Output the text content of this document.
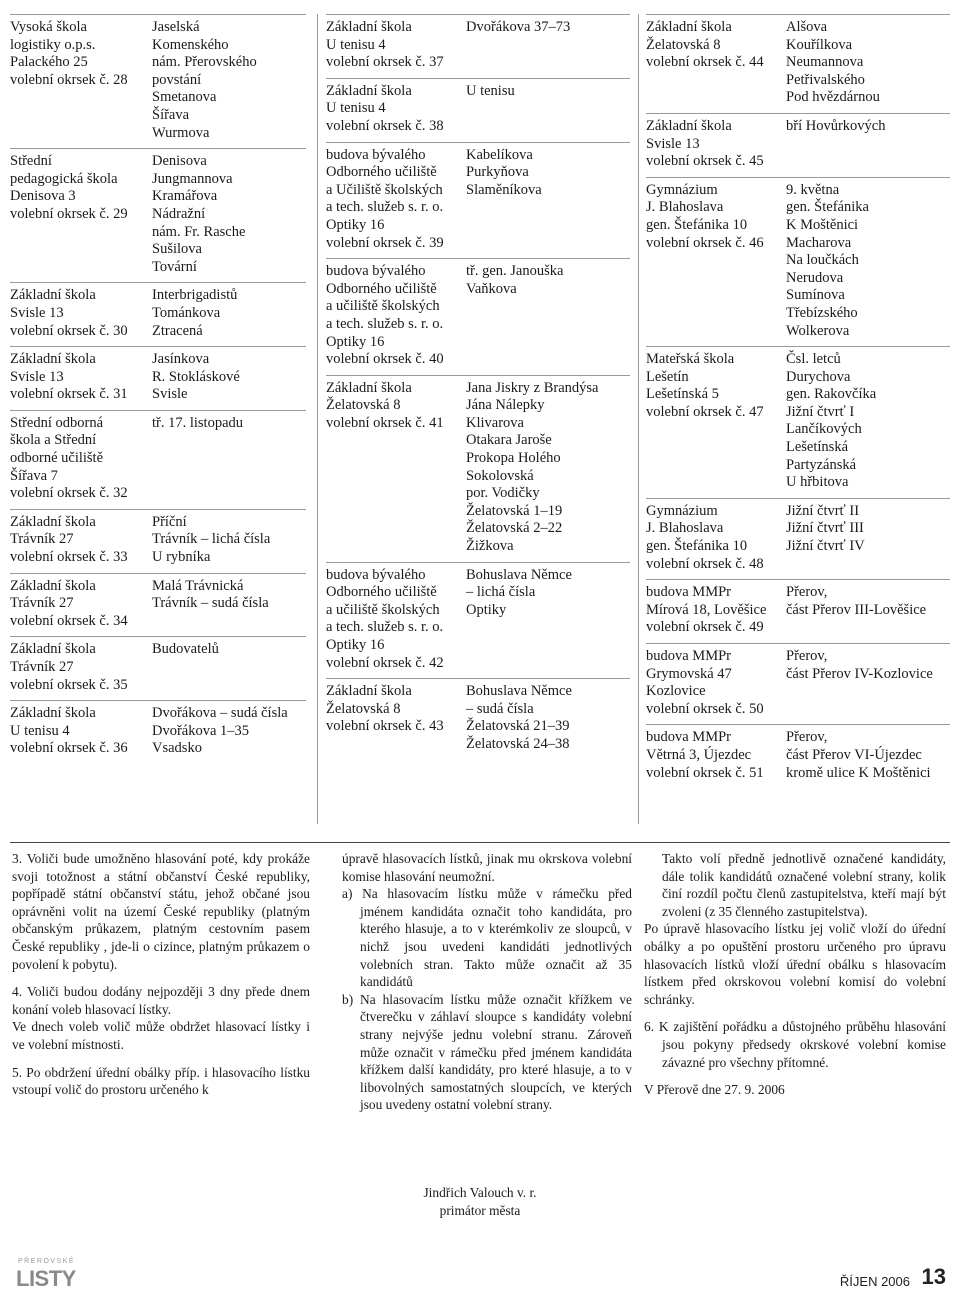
Vysoká škola
logistiky o.p.s.
Palackého 25
volební okrsek č. 28
Jaselská
Komenského
nám. Přerovského
povstání
Smetanova
Šířava
Wurmova
Střední
pedagogická škola
Denisova 3
volební okrsek č. 29
Denisova
Jungmannova
Kramářova
Nádražní
nám. Fr. Rasche
Sušilova
Tovární
Základní škola
Svisle 13
volební okrsek č. 30
Interbrigadistů
Tománkova
Ztracená
Základní škola
Svisle 13
volební okrsek č. 31
Jasínkova
R. Stokláskové
Svisle
Střední odborná
škola a Střední
odborné učiliště
Šířava 7
volební okrsek č. 32
tř. 17. listopadu
Základní škola
Trávník 27
volební okrsek č. 33
Příční
Trávník – lichá čísla
U rybníka
Základní škola
Trávník 27
volební okrsek č. 34
Malá Trávnická
Trávník – sudá čísla
Základní škola
Trávník 27
volební okrsek č. 35
Budovatelů
Základní škola
U tenisu 4
volební okrsek č. 36
Dvořákova – sudá čísla
Dvořákova 1–35
Vsadsko
Základní škola
U tenisu 4
volební okrsek č. 37
Dvořákova 37–73
Základní škola
U tenisu 4
volební okrsek č. 38
U tenisu
budova bývalého
Odborného učiliště
a Učiliště školských
a tech. služeb s. r. o.
Optiky 16
volební okrsek č. 39
Kabelíkova
Purkyňova
Slaměníkova
budova bývalého
Odborného učiliště
a učiliště školských
a tech. služeb s. r. o.
Optiky 16
volební okrsek č. 40
tř. gen. Janouška
Vaňkova
Základní škola
Želatovská 8
volební okrsek č. 41
Jana Jiskry z Brandýsa
Jána Nálepky
Klivarova
Otakara Jaroše
Prokopa Holého
Sokolovská
por. Vodičky
Želatovská 1–19
Želatovská 2–22
Žižkova
budova bývalého
Odborného učiliště
a učiliště školských
a tech. služeb s. r. o.
Optiky 16
volební okrsek č. 42
Bohuslava Němce
– lichá čísla
Optiky
Základní škola
Želatovská 8
volební okrsek č. 43
Bohuslava Němce
– sudá čísla
Želatovská 21–39
Želatovská 24–38
Základní škola
Želatovská 8
volební okrsek č. 44
Alšova
Kouřílkova
Neumannova
Petřivalského
Pod hvězdárnou
Základní škola
Svisle 13
volební okrsek č. 45
bří Hovůrkových
Gymnázium
J. Blahoslava
gen. Štefánika 10
volební okrsek č. 46
9. května
gen. Štefánika
K Moštěnici
Macharova
Na loučkách
Nerudova
Sumínova
Třebízského
Wolkerova
Mateřská škola
Lešetín
Lešetínská 5
volební okrsek č. 47
Čsl. letců
Durychova
gen. Rakovčíka
Jižní čtvrť I
Lančíkových
Lešetínská
Partyzánská
U hřbitova
Gymnázium
J. Blahoslava
gen. Štefánika 10
volební okrsek č. 48
Jižní čtvrť II
Jižní čtvrť III
Jižní čtvrť IV
budova MMPr
Mírová 18, Lověšice
volební okrsek č. 49
Přerov,
část Přerov III-Lověšice
budova MMPr
Grymovská 47
Kozlovice
volební okrsek č. 50
Přerov,
část Přerov IV-Kozlovice
budova MMPr
Větrná 3, Újezdec
volební okrsek č. 51
Přerov,
část Přerov VI-Újezdec
kromě ulice K Moštěnici

3. Voliči bude umožněno hlasování poté, kdy prokáže svoji totožnost a státní občanství České republiky, popřípadě státní občanství státu, jehož občané jsou oprávněni volit na území České republiky (platným občanským průkazem, platným cestovním pasem České republiky , jde-li o cizince, platným průkazem o povolení k pobytu).

4. Voliči budou dodány nejpozději 3 dny přede dnem konání voleb hlasovací lístky.

Ve dnech voleb volič může obdržet hlasovací lístky i ve volební místnosti.

5. Po obdržení úřední obálky příp. i hlasovacího lístku vstoupí volič do prostoru určeného k

úpravě hlasovacích lístků, jinak mu okrskova volební komise hlasování neumožní.

a) Na hlasovacím lístku může v rámečku před jménem kandidáta označit toho kandidáta, pro kterého hlasuje, a to v kterémkoliv ze sloupců, v nichž jsou uvedeni kandidáti jednotlivých volebních stran. Takto může označit až 35 kandidátů

b) Na hlasovacím lístku může označit křížkem ve čtverečku v záhlaví sloupce s kandidáty volební strany nejvýše jednu volební stranu. Zároveň může označit v rámečku před jménem kandidáta křížkem další kandidáty, pro které hlasuje, a to v libovolných samostatných sloupcích, ve kterých jsou uvedeny ostatní volební strany.

Takto volí předně jednotlivě označené kandidáty, dále tolik kandidátů označené volební strany, kolik činí rozdíl počtu členů zastupitelstva, kteří mají být zvoleni (z 35 členného zastupitelstva).

Po úpravě hlasovacího lístku jej volič vloží do úřední obálky a po opuštění prostoru určeného pro úpravu hlasovacích lístků vloží úřední obálku s hlasovacím lístkem před okrskovou volební komisí do volební schránky.

6. K zajištění pořádku a důstojného průběhu hlasování jsou pokyny předsedy okrskové volební komise závazné pro všechny přítomné.

V Přerově dne 27. 9. 2006

Jindřich Valouch v. r.
primátor města
PŘEROVSKÉ
LISTY	ŘÍJEN 2006 13
